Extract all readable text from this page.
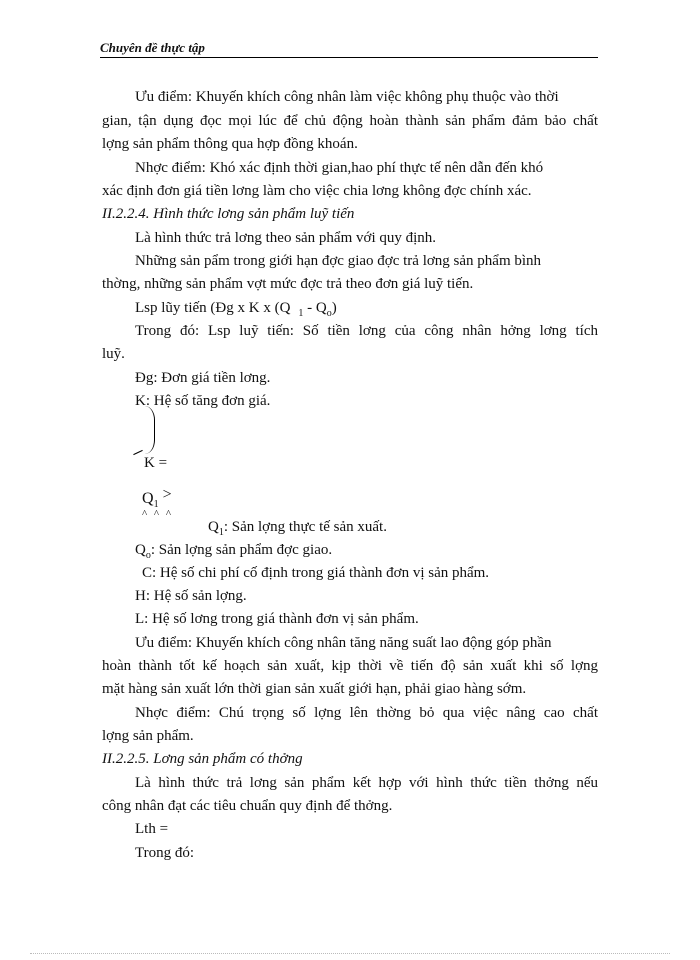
Chuyên đề thực tập
Ưu điểm: Khuyến khích công nhân làm việc không phụ thuộc vào thời
gian, tận dụng đọc mọi lúc để chủ động hoàn thành sản phẩm đảm bảo chất
lợng sản phẩm thông qua hợp đồng khoán.
Nhợc điểm: Khó xác định thời gian,hao phí thực tế nên dẫn đến khó
xác định đơn giá tiền lơng làm cho việc chia lơng không đợc chính xác.
II.2.2.4. Hình thức lơng sản phẩm luỹ tiến
Là hình thức trả lơng theo sản phẩm với quy định.
Những sản pẩm trong giới hạn đợc giao đợc trả lơng sản phẩm bình
thờng, những sản phẩm vợt mức đợc trả theo đơn giá luỹ tiến.
Lsp lũy tiến (Đg x K x (Q $_1 - Q_o$)
Trong đó: Lsp luỹ tiến: Số tiền lơng của công nhân hởng lơng tích
luỹ.
Đg: Đơn giá tiền lơng.
K: Hệ số tăng đơn giá.
K =
$Q_1$ >
^ ^ ^
$Q_1$: Sản lợng thực tế sản xuất.
$Q_o$: Sản lợng sản phẩm đợc giao.
C: Hệ số chi phí cố định trong giá thành đơn vị sản phẩm.
H: Hệ số sản lợng.
L: Hệ số lơng trong giá thành đơn vị sản phẩm.
Ưu điểm: Khuyến khích công nhân tăng năng suất lao động góp phần
hoàn thành tốt kế hoạch sản xuất, kịp thời về tiến độ sản xuất khi số lợng
mặt hàng sản xuất lớn thời gian sản xuất giới hạn, phải giao hàng sớm.
Nhợc điểm: Chú trọng số lợng lên thờng bỏ qua việc nâng cao chất
lợng sản phẩm.
II.2.2.5. Lơng sản phẩm có thởng
Là hình thức trả lơng sản phẩm kết hợp với hình thức tiền thởng nếu
công nhân đạt các tiêu chuẩn quy định để thởng.
Lth =
Trong đó:
